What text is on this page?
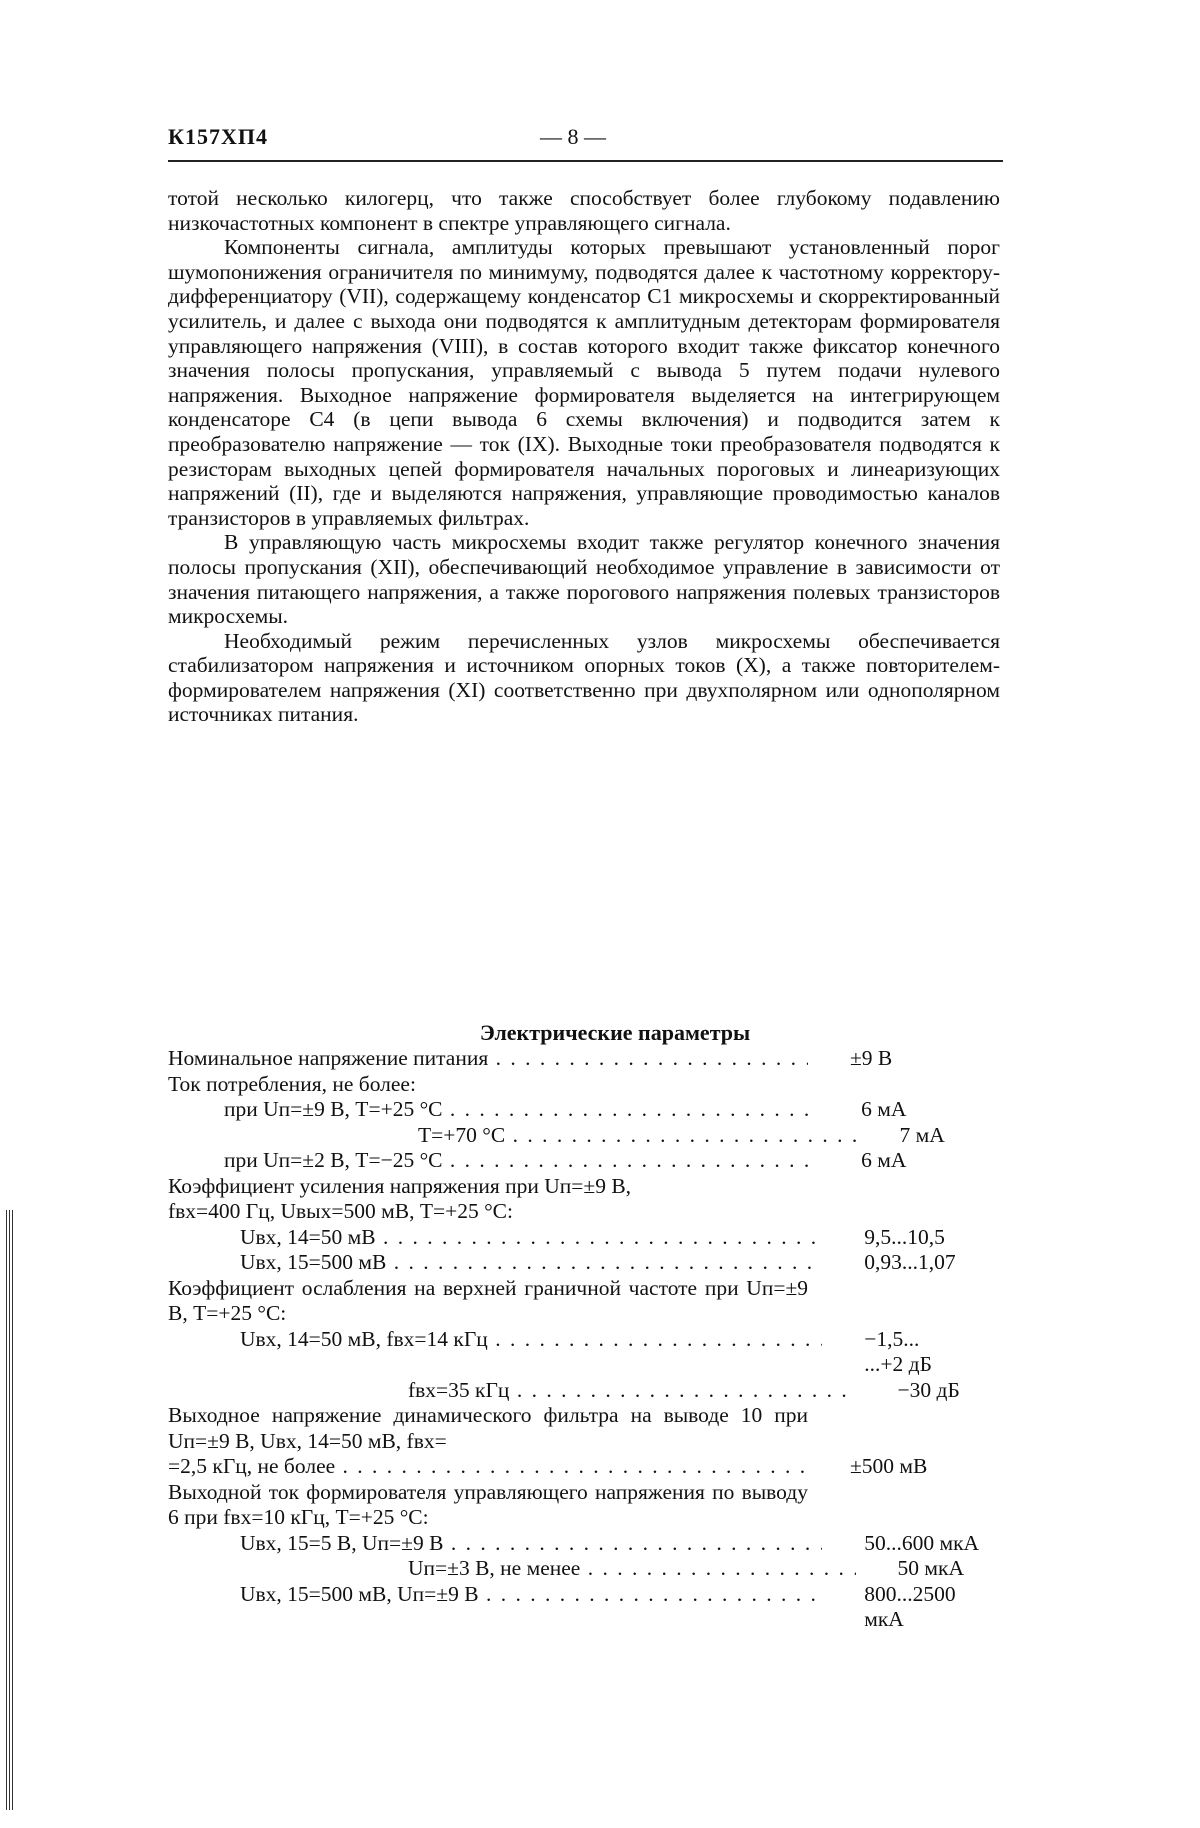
К157ХП4	— 8 —

тотой несколько килогерц, что также способствует более глубокому подавлению низкочастотных компонент в спектре управляющего сигнала.

Компоненты сигнала, амплитуды которых превышают установленный порог шумопонижения ограничителя по минимуму, подводятся далее к частотному корректору-дифференциатору (VII), содержащему конденсатор C1 микросхемы и скорректированный усилитель, и далее с выхода они подводятся к амплитудным детекторам формирователя управляющего напряжения (VIII), в состав которого входит также фиксатор конечного значения полосы пропускания, управляемый с вывода 5 путем подачи нулевого напряжения. Выходное напряжение формирователя выделяется на интегрирующем конденсаторе C4 (в цепи вывода 6 схемы включения) и подводится затем к преобразователю напряжение — ток (IX). Выходные токи преобразователя подводятся к резисторам выходных цепей формирователя начальных пороговых и линеаризующих напряжений (II), где и выделяются напряжения, управляющие проводимостью каналов транзисторов в управляемых фильтрах.

В управляющую часть микросхемы входит также регулятор конечного значения полосы пропускания (XII), обеспечивающий необходимое управление в зависимости от значения питающего напряжения, а также порогового напряжения полевых транзисторов микросхемы.

Необходимый режим перечисленных узлов микросхемы обеспечивается стабилизатором напряжения и источником опорных токов (X), а также повторителем-формирователем напряжения (XI) соответственно при двухполярном или однополярном источниках питания.

Электрические параметры
Номинальное напряжение питания . . .	±9 В
Ток потребления, не более:
при Uп=±9 В, T=+25 °С . . .	6 мА
T=+70 °С . . .	7 мА
при Uп=±2 В, T=−25 °С . . .	6 мА
Коэффициент усиления напряжения при Uп=±9 В,
fвх=400 Гц, Uвых=500 мВ, T=+25 °С:
Uвх, 14=50 мВ . . .	9,5...10,5
Uвх, 15=500 мВ . . .	0,93...1,07
Коэффициент ослабления на верхней граничной частоте при Uп=±9 В, T=+25 °С:
Uвх, 14=50 мВ, fвх=14 кГц . . .	−1,5...
...+2 дБ
fвх=35 кГц . . .	−30 дБ
Выходное напряжение динамического фильтра на выводе 10 при Uп=±9 В, Uвх, 14=50 мВ, fвх=
=2,5 кГц, не более . . .	±500 мВ
Выходной ток формирователя управляющего напряжения по выводу 6 при fвх=10 кГц, T=+25 °С:
Uвх, 15=5 В, Uп=±9 В . . .	50...600 мкА
Uп=±3 В, не менее . . .	50 мкА
Uвх, 15=500 мВ, Uп=±9 В . . .	800...2500
мкА
